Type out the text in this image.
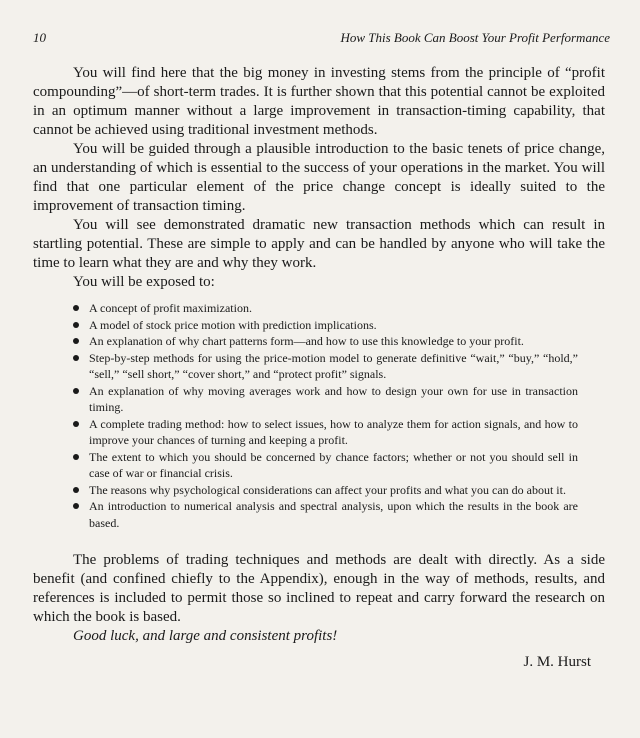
10	How This Book Can Boost Your Profit Performance

You will find here that the big money in investing stems from the principle of “profit compounding”—of short-term trades. It is further shown that this potential cannot be exploited in an optimum manner without a large improvement in transaction-timing capability, that cannot be achieved using traditional investment methods.

You will be guided through a plausible introduction to the basic tenets of price change, an understanding of which is essential to the success of your operations in the market. You will find that one particular element of the price change concept is ideally suited to the improvement of transaction timing.

You will see demonstrated dramatic new transaction methods which can result in startling potential. These are simple to apply and can be handled by anyone who will take the time to learn what they are and why they work.

You will be exposed to:

A concept of profit maximization.
A model of stock price motion with prediction implications.
An explanation of why chart patterns form—and how to use this knowledge to your profit.
Step-by-step methods for using the price-motion model to generate definitive “wait,” “buy,” “hold,” “sell,” “sell short,” “cover short,” and “protect profit” signals.
An explanation of why moving averages work and how to design your own for use in transaction timing.
A complete trading method: how to select issues, how to analyze them for action signals, and how to improve your chances of turning and keeping a profit.
The extent to which you should be concerned by chance factors; whether or not you should sell in case of war or financial crisis.
The reasons why psychological considerations can affect your profits and what you can do about it.
An introduction to numerical analysis and spectral analysis, upon which the results in the book are based.

The problems of trading techniques and methods are dealt with directly. As a side benefit (and confined chiefly to the Appendix), enough in the way of methods, results, and references is included to permit those so inclined to repeat and carry forward the research on which the book is based.

Good luck, and large and consistent profits!

J. M. Hurst
